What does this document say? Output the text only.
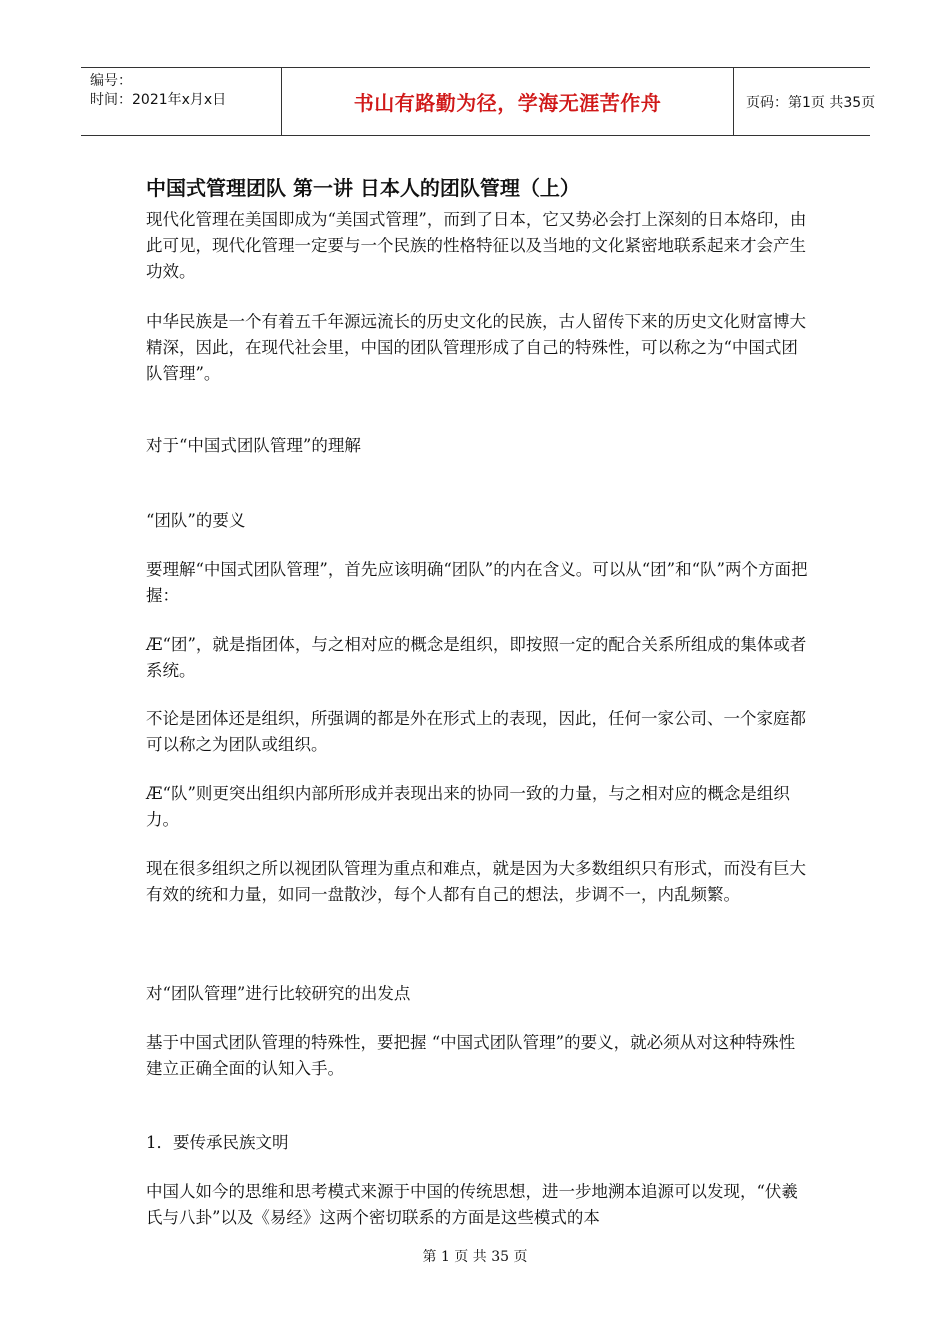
编号：
时间：2021年x月x日	书山有路勤为径，学海无涯苦作舟	页码：第1页 共35页
中国式管理团队 第一讲 日本人的团队管理（上）

现代化管理在美国即成为“美国式管理”，而到了日本，它又势必会打上深刻的日本烙印，由此可见，现代化管理一定要与一个民族的性格特征以及当地的文化紧密地联系起来才会产生功效。

中华民族是一个有着五千年源远流长的历史文化的民族，古人留传下来的历史文化财富博大精深，因此，在现代社会里，中国的团队管理形成了自己的特殊性，可以称之为“中国式团队管理”。

对于“中国式团队管理”的理解

“团队”的要义

要理解“中国式团队管理”，首先应该明确“团队”的内在含义。可以从“团”和“队”两个方面把握：

Æ“团”，就是指团体，与之相对应的概念是组织，即按照一定的配合关系所组成的集体或者系统。

不论是团体还是组织，所强调的都是外在形式上的表现，因此，任何一家公司、一个家庭都可以称之为团队或组织。

Æ“队”则更突出组织内部所形成并表现出来的协同一致的力量，与之相对应的概念是组织力。

现在很多组织之所以视团队管理为重点和难点，就是因为大多数组织只有形式，而没有巨大有效的统和力量，如同一盘散沙，每个人都有自己的想法，步调不一，内乱频繁。

对“团队管理”进行比较研究的出发点

基于中国式团队管理的特殊性，要把握 “中国式团队管理”的要义，就必须从对这种特殊性建立正确全面的认知入手。

1．要传承民族文明

中国人如今的思维和思考模式来源于中国的传统思想，进一步地溯本追源可以发现，“伏羲氏与八卦”以及《易经》这两个密切联系的方面是这些模式的本

第 1 页 共 35 页
